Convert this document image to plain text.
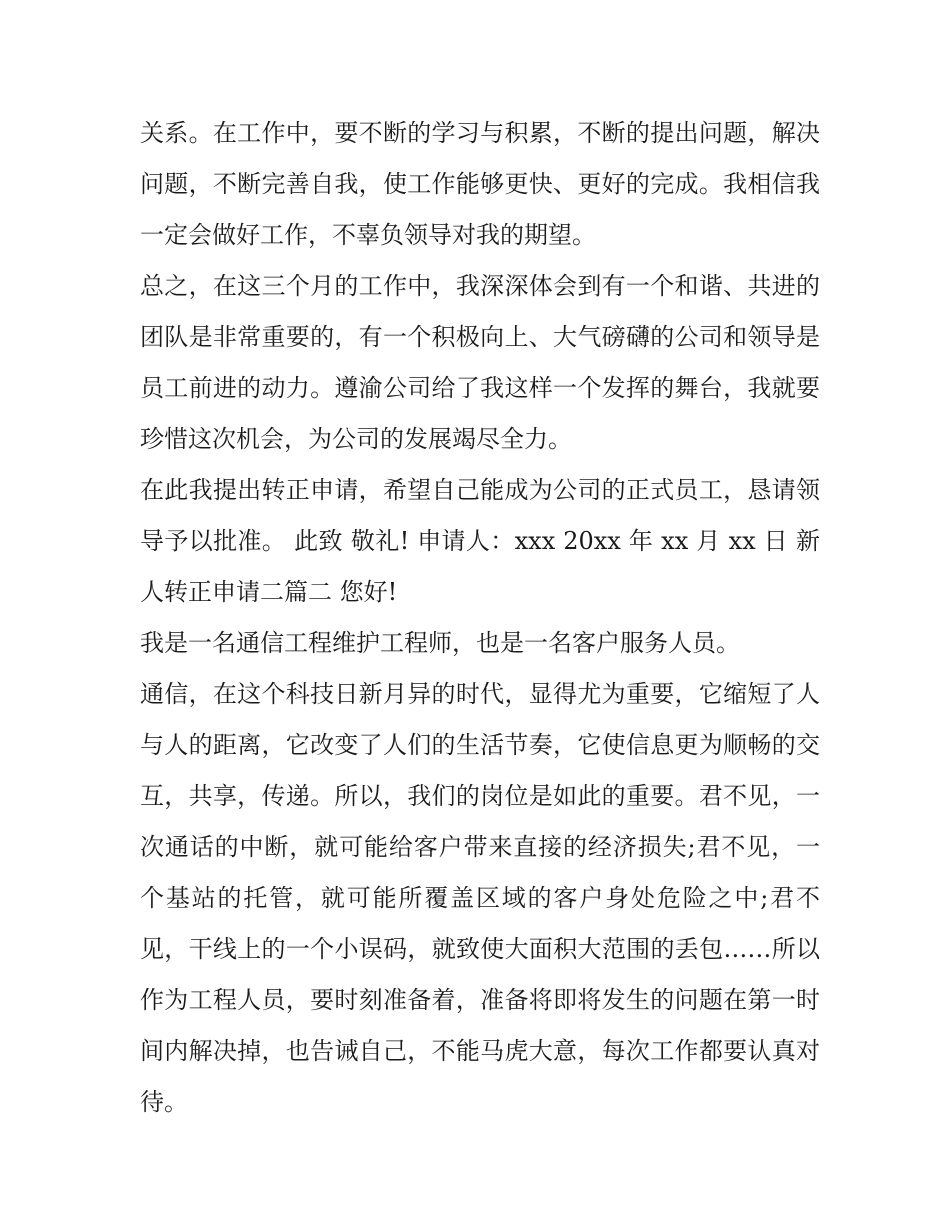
关系。在工作中，要不断的学习与积累，不断的提出问题，解决问题，不断完善自我，使工作能够更快、更好的完成。我相信我一定会做好工作，不辜负领导对我的期望。

总之，在这三个月的工作中，我深深体会到有一个和谐、共进的团队是非常重要的，有一个积极向上、大气磅礴的公司和领导是员工前进的动力。遵渝公司给了我这样一个发挥的舞台，我就要珍惜这次机会，为公司的发展竭尽全力。

在此我提出转正申请，希望自己能成为公司的正式员工，恳请领导予以批准。 此致 敬礼! 申请人：xxx 20xx 年 xx 月 xx 日 新人转正申请二篇二 您好!

我是一名通信工程维护工程师，也是一名客户服务人员。

通信，在这个科技日新月异的时代，显得尤为重要，它缩短了人与人的距离，它改变了人们的生活节奏，它使信息更为顺畅的交互，共享，传递。所以，我们的岗位是如此的重要。君不见，一次通话的中断，就可能给客户带来直接的经济损失;君不见，一个基站的托管，就可能所覆盖区域的客户身处危险之中;君不见，干线上的一个小误码，就致使大面积大范围的丢包……所以作为工程人员，要时刻准备着，准备将即将发生的问题在第一时间内解决掉，也告诫自己，不能马虎大意，每次工作都要认真对待。
